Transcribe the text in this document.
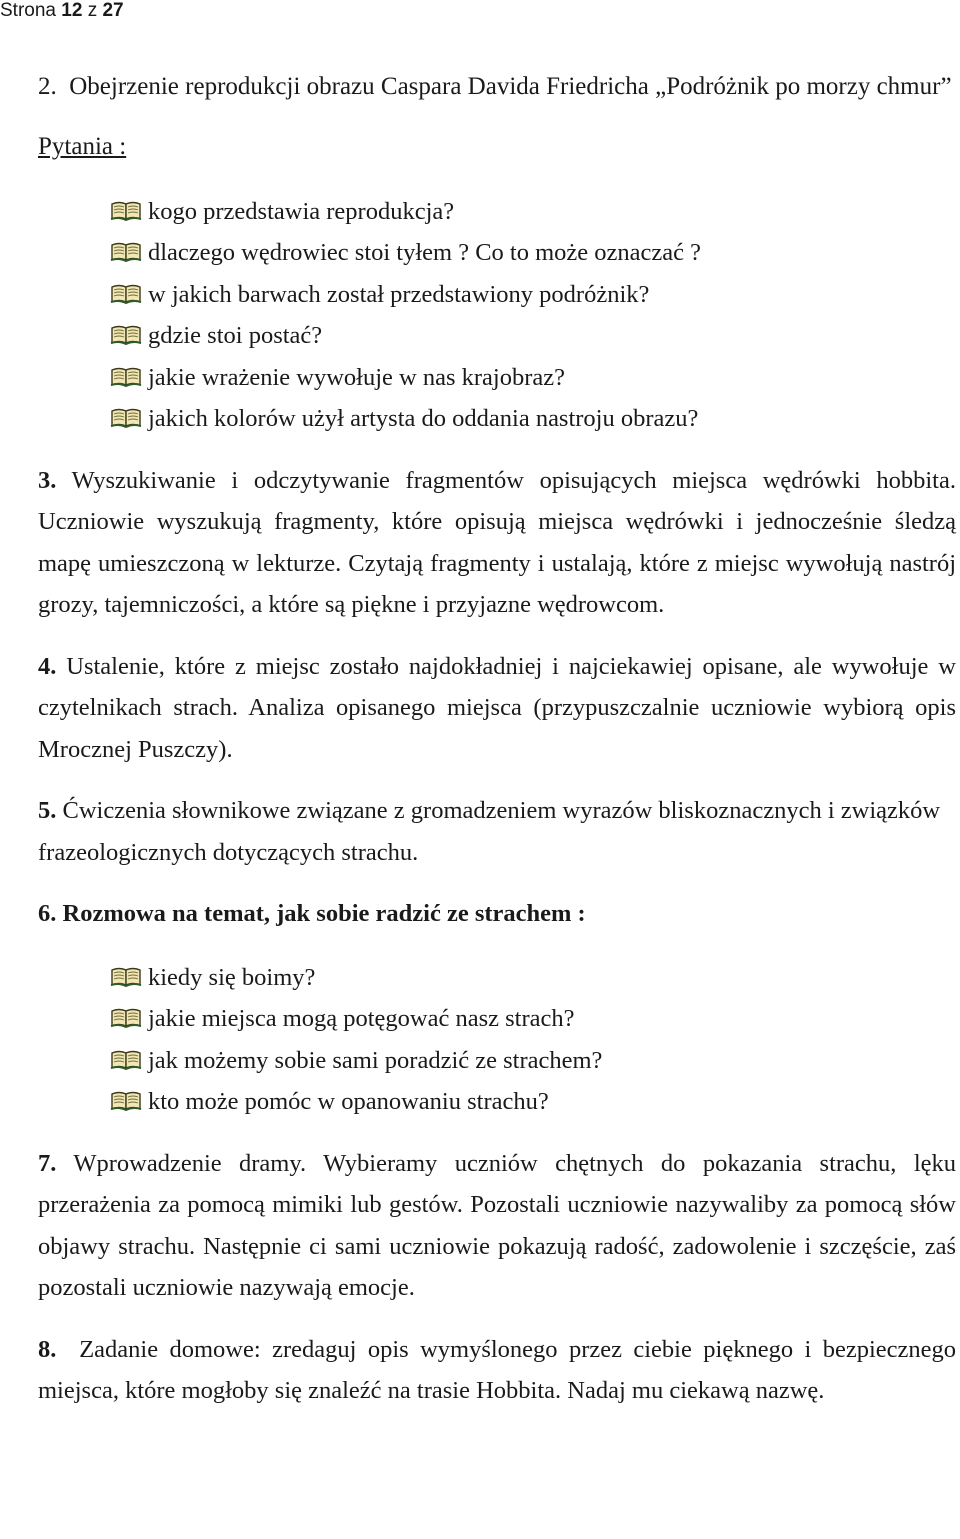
Strona 12 z 27

2. Obejrzenie reprodukcji obrazu Caspara Davida Friedricha „Podróżnik po morzy chmur”

Pytania :

kogo przedstawia reprodukcja?
dlaczego wędrowiec stoi tyłem ? Co to może oznaczać ?
w jakich barwach został przedstawiony podróżnik?
gdzie stoi postać?
jakie wrażenie wywołuje w nas krajobraz?
jakich kolorów użył artysta do oddania nastroju obrazu?

3. Wyszukiwanie i odczytywanie fragmentów opisujących miejsca wędrówki hobbita. Uczniowie wyszukują fragmenty, które opisują miejsca wędrówki i jednocześnie śledzą mapę umieszczoną w lekturze. Czytają fragmenty i ustalają, które z miejsc wywołują nastrój grozy, tajemniczości, a które są piękne i przyjazne wędrowcom.

4. Ustalenie, które z miejsc zostało najdokładniej i najciekawiej opisane, ale wywołuje w czytelnikach strach. Analiza opisanego miejsca (przypuszczalnie uczniowie wybiorą opis Mrocznej Puszczy).

5. Ćwiczenia słownikowe związane z gromadzeniem wyrazów bliskoznacznych i związków frazeologicznych dotyczących strachu.

6. Rozmowa na temat, jak sobie radzić ze strachem :

kiedy się boimy?
jakie miejsca mogą potęgować nasz strach?
jak możemy sobie sami poradzić ze strachem?
kto może pomóc w opanowaniu strachu?

7. Wprowadzenie dramy. Wybieramy uczniów chętnych do pokazania strachu, lęku przerażenia za pomocą mimiki lub gestów. Pozostali uczniowie nazywaliby za pomocą słów objawy strachu. Następnie ci sami uczniowie pokazują radość, zadowolenie i szczęście, zaś pozostali uczniowie nazywają emocje.

8. Zadanie domowe: zredaguj opis wymyślonego przez ciebie pięknego i bezpiecznego miejsca, które mogłoby się znaleźć na trasie Hobbita. Nadaj mu ciekawą nazwę.
